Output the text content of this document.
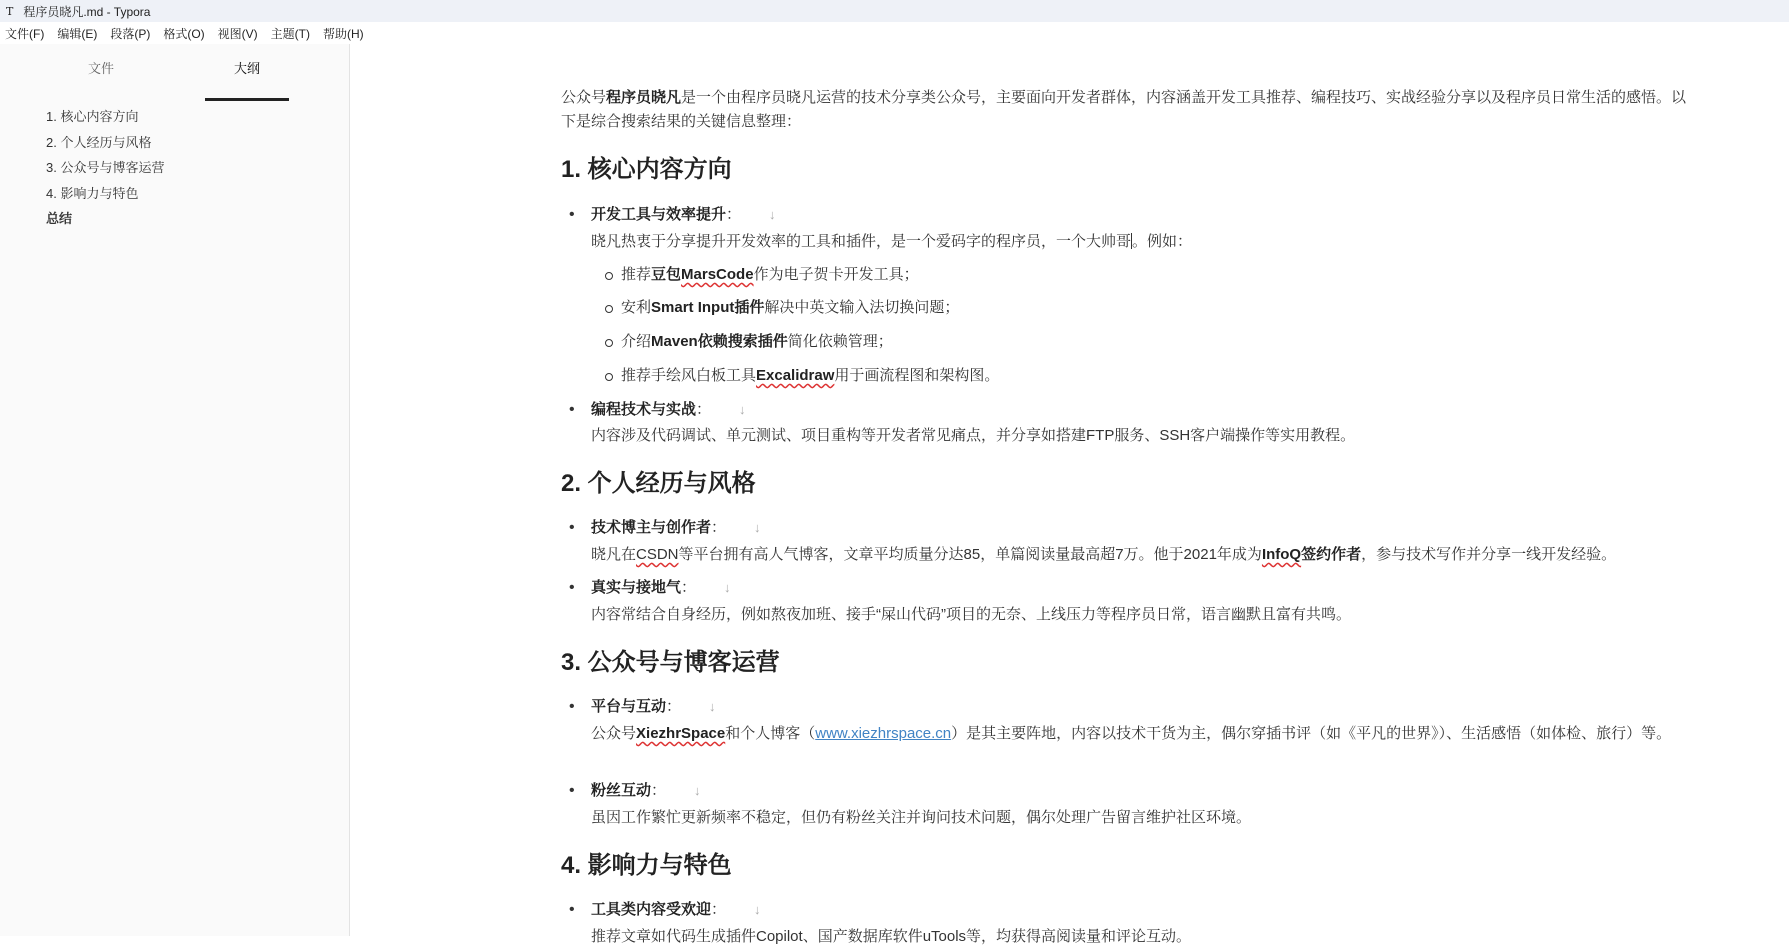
T 程序员晓凡.md - Typora
文件(F) 编辑(E) 段落(P) 格式(O) 视图(V) 主题(T) 帮助(H)
文件	大纲
1. 核心内容方向
2. 个人经历与风格
3. 公众号与博客运营
4. 影响力与特色
总结

公众号程序员晓凡是一个由程序员晓凡运营的技术分享类公众号，主要面向开发者群体，内容涵盖开发工具推荐、编程技巧、实战经验分享以及程序员日常生活的感悟。以下是综合搜索结果的关键信息整理：

1. 核心内容方向
• 开发工具与效率提升： ↓
晓凡热衷于分享提升开发效率的工具和插件，是一个爱码字的程序员，一个大帅哥。例如：
推荐豆包MarsCode作为电子贺卡开发工具；
安利Smart Input插件解决中英文输入法切换问题；
介绍Maven依赖搜索插件简化依赖管理；
推荐手绘风白板工具Excalidraw用于画流程图和架构图。
• 编程技术与实战： ↓
内容涉及代码调试、单元测试、项目重构等开发者常见痛点，并分享如搭建FTP服务、SSH客户端操作等实用教程。
2. 个人经历与风格
• 技术博主与创作者： ↓
晓凡在CSDN等平台拥有高人气博客，文章平均质量分达85，单篇阅读量最高超7万。他于2021年成为InfoQ签约作者，参与技术写作并分享一线开发经验。
• 真实与接地气： ↓
内容常结合自身经历，例如熬夜加班、接手“屎山代码”项目的无奈、上线压力等程序员日常，语言幽默且富有共鸣。
3. 公众号与博客运营
• 平台与互动： ↓
公众号XiezhrSpace和个人博客（www.xiezhrspace.cn）是其主要阵地，内容以技术干货为主，偶尔穿插书评（如《平凡的世界》）、生活感悟（如体检、旅行）等。
• 粉丝互动： ↓
虽因工作繁忙更新频率不稳定，但仍有粉丝关注并询问技术问题，偶尔处理广告留言维护社区环境。
4. 影响力与特色
• 工具类内容受欢迎： ↓
推荐文章如代码生成插件Copilot、国产数据库软件uTools等，均获得高阅读量和评论互动。
